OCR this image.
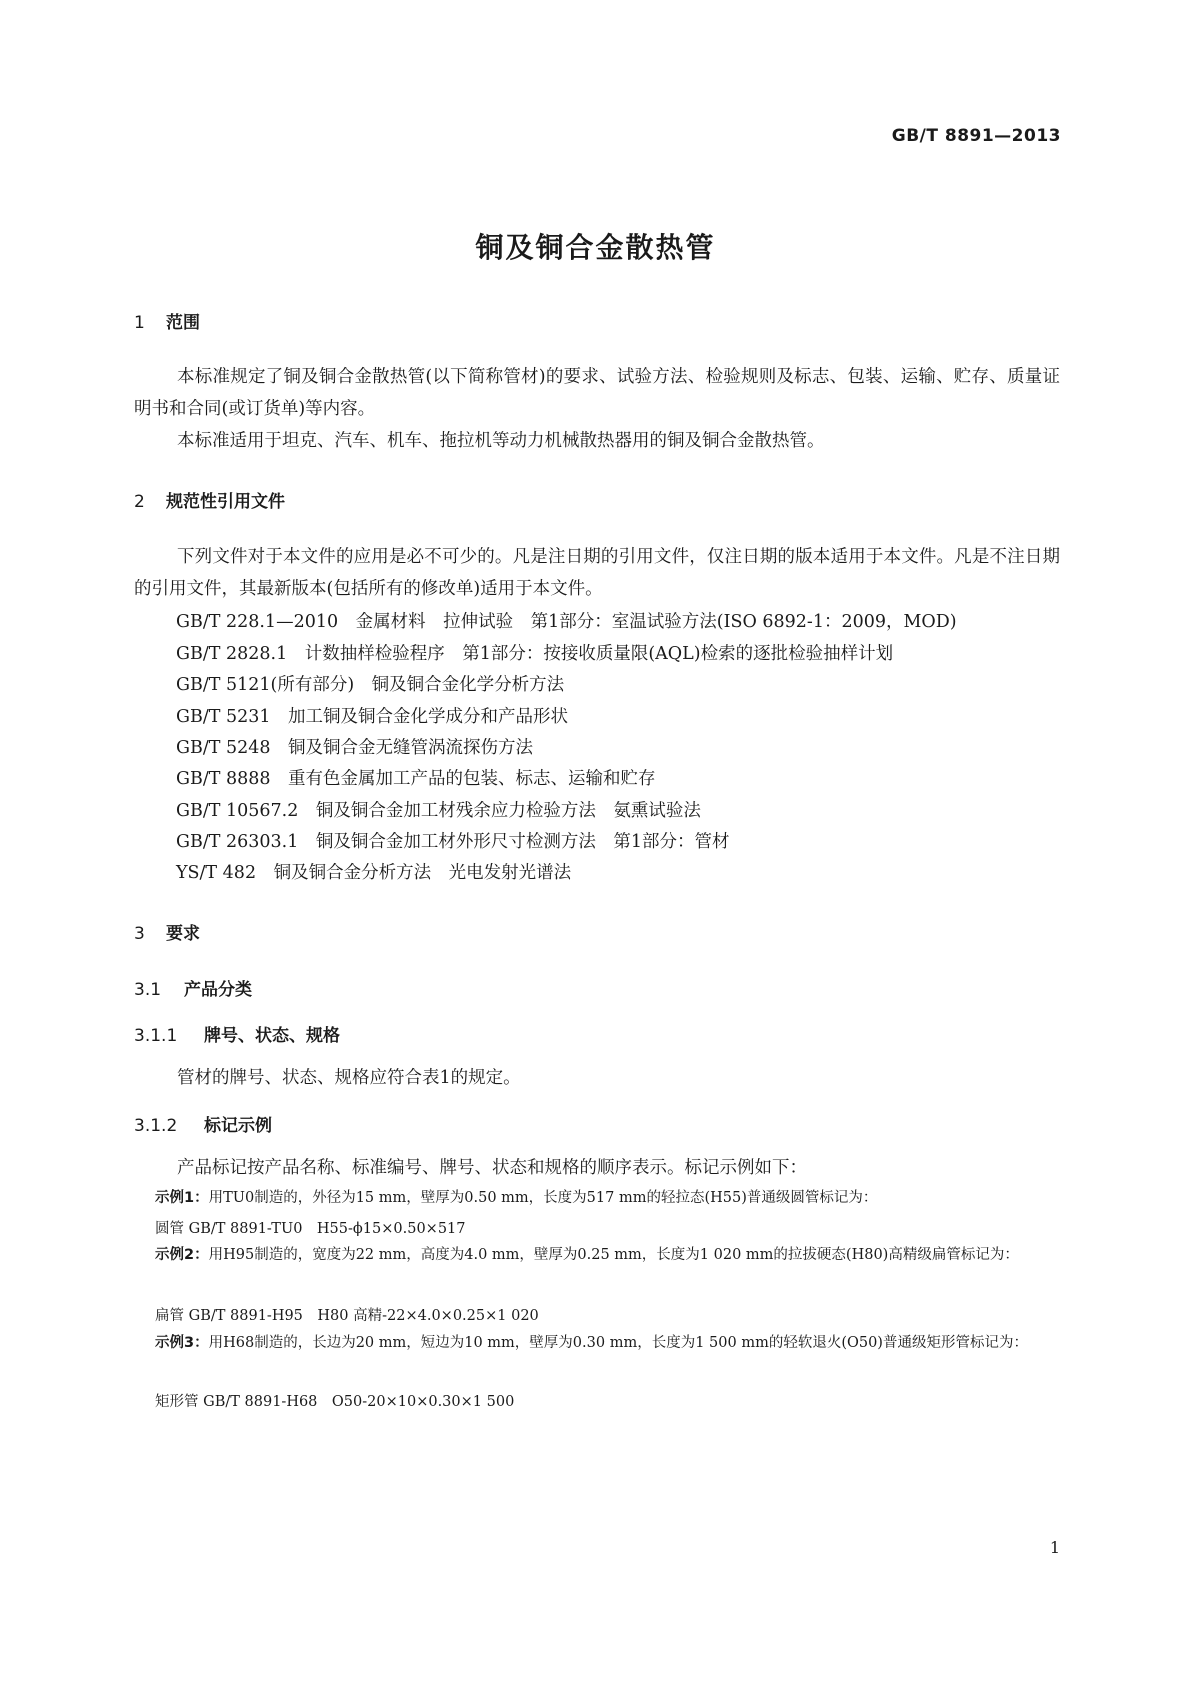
GB/T 8891—2013
铜及铜合金散热管
1 范围
本标准规定了铜及铜合金散热管(以下简称管材)的要求、试验方法、检验规则及标志、包装、运输、贮存、质量证明书和合同(或订货单)等内容。
本标准适用于坦克、汽车、机车、拖拉机等动力机械散热器用的铜及铜合金散热管。
2 规范性引用文件
下列文件对于本文件的应用是必不可少的。凡是注日期的引用文件，仅注日期的版本适用于本文件。凡是不注日期的引用文件，其最新版本(包括所有的修改单)适用于本文件。
GB/T 228.1—2010　金属材料　拉伸试验　第1部分：室温试验方法(ISO 6892-1：2009，MOD)
GB/T 2828.1　计数抽样检验程序　第1部分：按接收质量限(AQL)检索的逐批检验抽样计划
GB/T 5121(所有部分)　铜及铜合金化学分析方法
GB/T 5231　加工铜及铜合金化学成分和产品形状
GB/T 5248　铜及铜合金无缝管涡流探伤方法
GB/T 8888　重有色金属加工产品的包装、标志、运输和贮存
GB/T 10567.2　铜及铜合金加工材残余应力检验方法　氨熏试验法
GB/T 26303.1　铜及铜合金加工材外形尺寸检测方法　第1部分：管材
YS/T 482　铜及铜合金分析方法　光电发射光谱法
3 要求
3.1 产品分类
3.1.1 牌号、状态、规格
管材的牌号、状态、规格应符合表1的规定。
3.1.2 标记示例
产品标记按产品名称、标准编号、牌号、状态和规格的顺序表示。标记示例如下：
示例1：用TU0制造的，外径为15 mm，壁厚为0.50 mm，长度为517 mm的轻拉态(H55)普通级圆管标记为：
圆管 GB/T 8891-TU0　H55-ϕ15×0.50×517
示例2：用H95制造的，宽度为22 mm，高度为4.0 mm，壁厚为0.25 mm，长度为1 020 mm的拉拔硬态(H80)高精级扁管标记为：
扁管 GB/T 8891-H95　H80 高精-22×4.0×0.25×1 020
示例3：用H68制造的，长边为20 mm，短边为10 mm，壁厚为0.30 mm，长度为1 500 mm的轻软退火(O50)普通级矩形管标记为：
矩形管 GB/T 8891-H68　O50-20×10×0.30×1 500
1
